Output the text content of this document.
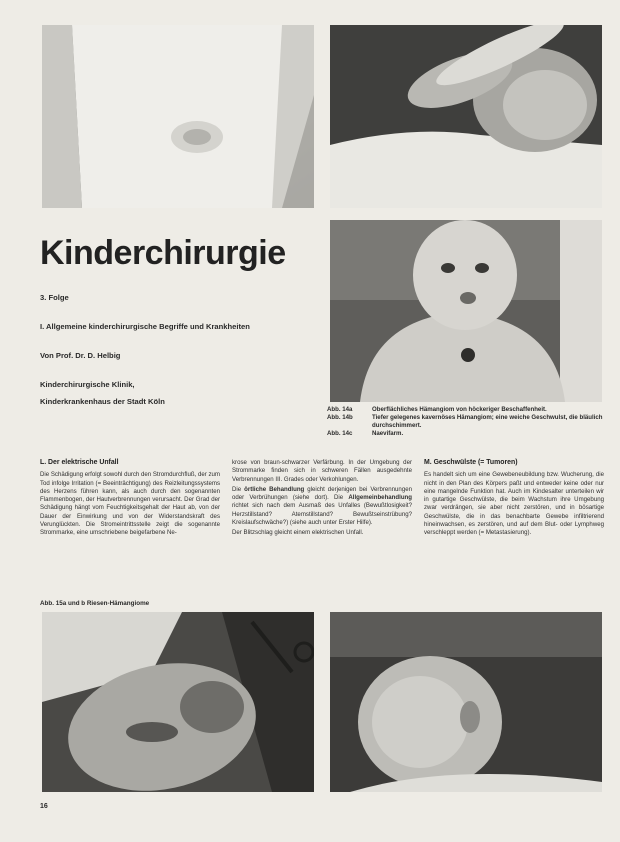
Kinderchirurgie
3. Folge
I. Allgemeine kinderchirurgische Begriffe und Krankheiten
Von Prof. Dr. D. Helbig
Kinderchirurgische Klinik,
Kinderkrankenhaus der Stadt Köln
Abb. 14a	Oberflächliches Hämangiom von höckeriger Beschaffenheit.
Abb. 14b	Tiefer gelegenes kavernöses Hämangiom; eine weiche Geschwulst, die bläulich durchschimmert.
Abb. 14c	Naevifarm.
L. Der elektrische Unfall

Die Schädigung erfolgt sowohl durch den Stromdurchfluß, der zum Tod infolge Irritation (= Beeinträchtigung) des Reizleitungssystems des Herzens führen kann, als auch durch den sogenannten Flammenbogen, der Hautverbrennungen verursacht. Der Grad der Schädigung hängt vom Feuchtigkeitsgehalt der Haut ab, von der Dauer der Einwirkung und von der Widerstandskraft des Verunglückten. Die Stromeintrittsstelle zeigt die sogenannte Strommarke, eine umschriebene beigefarbene Ne-

krose von braun-schwarzer Verfärbung. In der Umgebung der Strommarke finden sich in schweren Fällen ausgedehnte Verbrennungen III. Grades oder Verkohlungen.

Die örtliche Behandlung gleicht derjenigen bei Verbrennungen oder Verbrühungen (siehe dort). Die Allgemeinbehandlung richtet sich nach dem Ausmaß des Unfalles (Bewußtlosigkeit? Herzstillstand? Atemstillstand? Bewußtseinstrübung? Kreislaufschwäche?) (siehe auch unter Erster Hilfe).

Der Blitzschlag gleicht einem elektrischen Unfall.

M. Geschwülste (= Tumoren)

Es handelt sich um eine Gewebeneubildung bzw. Wucherung, die nicht in den Plan des Körpers paßt und entweder keine oder nur eine mangelnde Funktion hat. Auch im Kindesalter unterteilen wir in gutartige Geschwülste, die beim Wachstum ihre Umgebung zwar verdrängen, sie aber nicht zerstören, und in bösartige Geschwülste, die in das benachbarte Gewebe infiltrierend hineinwachsen, es zerstören, und auf dem Blut- oder Lymphweg verschleppt werden (= Metastasierung).

Abb. 15a und b Riesen-Hämangiome
16
